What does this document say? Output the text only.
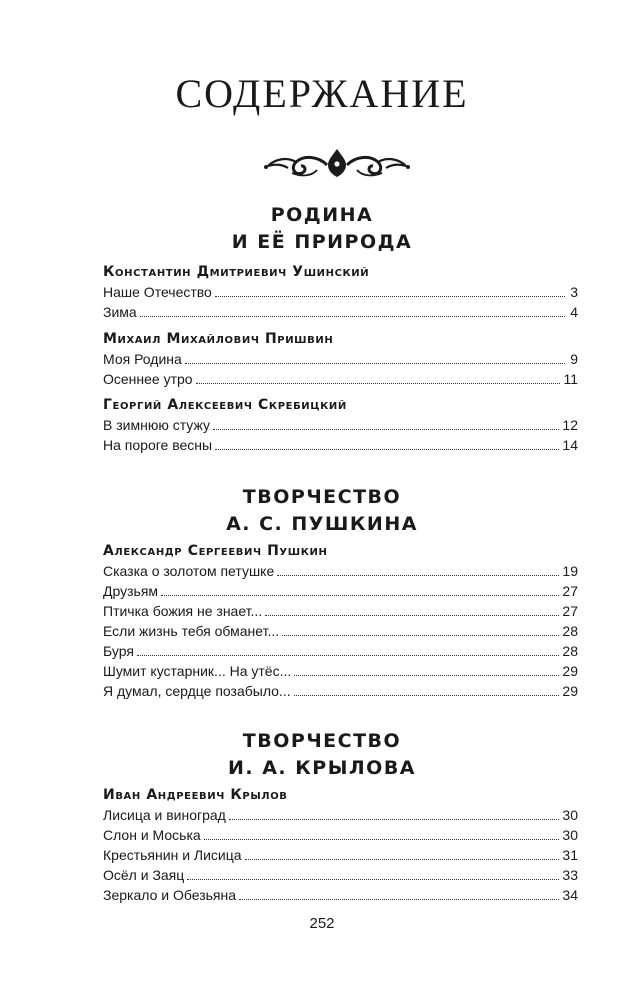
СОДЕРЖАНИЕ
РОДИНА
И ЕЁ ПРИРОДА

Константин Дмитриевич Ушинский

Наше Отечество	3
Зима	4

Михаил Михайлович Пришвин

Моя Родина	9
Осеннее утро	11

Георгий Алексеевич Скребицкий

В зимнюю стужу	12
На пороге весны	14
ТВОРЧЕСТВО
А. С. ПУШКИНА

Александр Сергеевич Пушкин

Сказка о золотом петушке	19
Друзьям	27
Птичка божия не знает...	27
Если жизнь тебя обманет...	28
Буря	28
Шумит кустарник... На утёс...	29
Я думал, сердце позабыло...	29
ТВОРЧЕСТВО
И. А. КРЫЛОВА

Иван Андреевич Крылов

Лисица и виноград	30
Слон и Моська	30
Крестьянин и Лисица	31
Осёл и Заяц	33
Зеркало и Обезьяна	34
252
